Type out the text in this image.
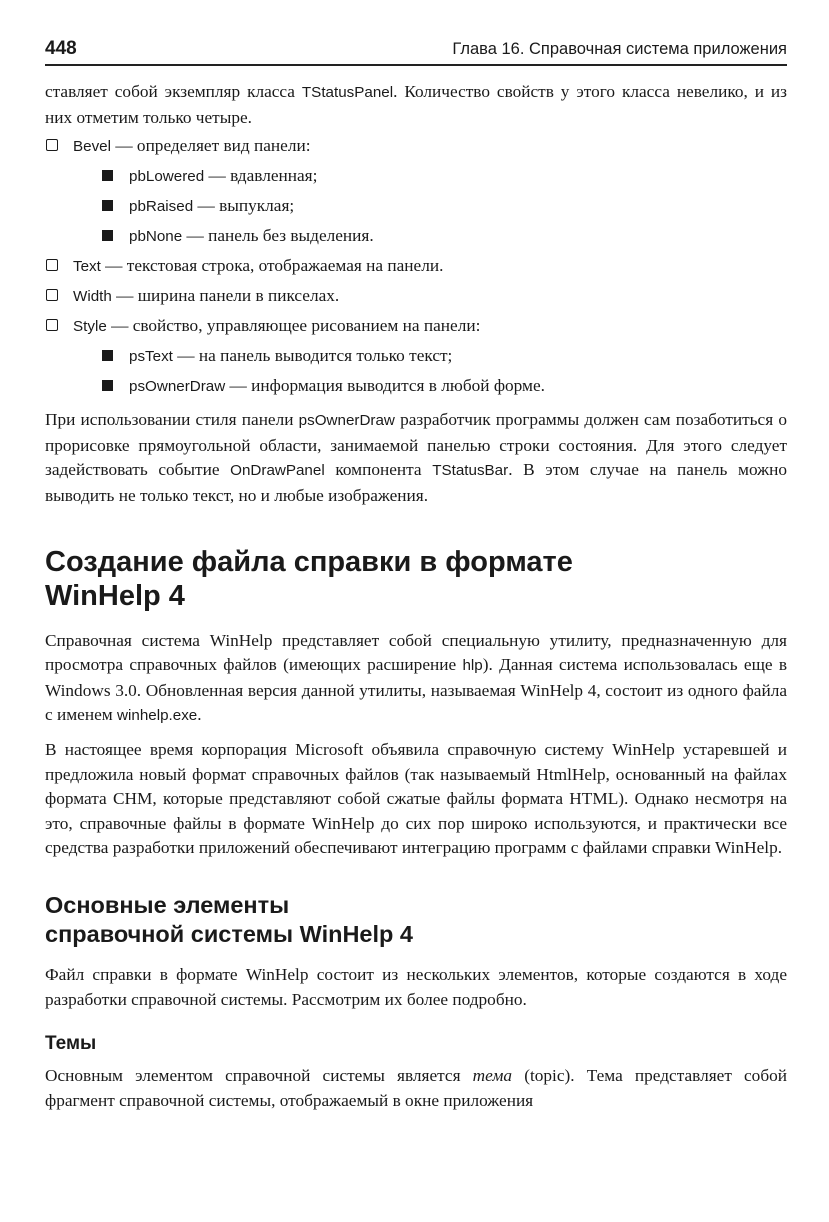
448	Глава 16. Справочная система приложения

ставляет собой экземпляр класса TStatusPanel. Количество свойств у этого класса невелико, и из них отметим только четыре.

Bevel — определяет вид панели:
pbLowered — вдавленная;
pbRaised — выпуклая;
pbNone — панель без выделения.
Text — текстовая строка, отображаемая на панели.
Width — ширина панели в пикселах.
Style — свойство, управляющее рисованием на панели:
psText — на панель выводится только текст;
psOwnerDraw — информация выводится в любой форме.

При использовании стиля панели psOwnerDraw разработчик программы должен сам позаботиться о прорисовке прямоугольной области, занимаемой панелью строки состояния. Для этого следует задействовать событие OnDrawPanel компонента TStatusBar. В этом случае на панель можно выводить не только текст, но и любые изображения.

Создание файла справки в формате
WinHelp 4

Справочная система WinHelp представляет собой специальную утилиту, предназначенную для просмотра справочных файлов (имеющих расширение hlp). Данная система использовалась еще в Windows 3.0. Обновленная версия данной утилиты, называемая WinHelp 4, состоит из одного файла с именем winhelp.exe.

В настоящее время корпорация Microsoft объявила справочную систему WinHelp устаревшей и предложила новый формат справочных файлов (так называемый HtmlHelp, основанный на файлах формата CHM, которые представляют собой сжатые файлы формата HTML). Однако несмотря на это, справочные файлы в формате WinHelp до сих пор широко используются, и практически все средства разработки приложений обеспечивают интеграцию программ с файлами справки WinHelp.

Основные элементы
справочной системы WinHelp 4

Файл справки в формате WinHelp состоит из нескольких элементов, которые создаются в ходе разработки справочной системы. Рассмотрим их более подробно.

Темы

Основным элементом справочной системы является тема (topic). Тема представляет собой фрагмент справочной системы, отображаемый в окне приложения
